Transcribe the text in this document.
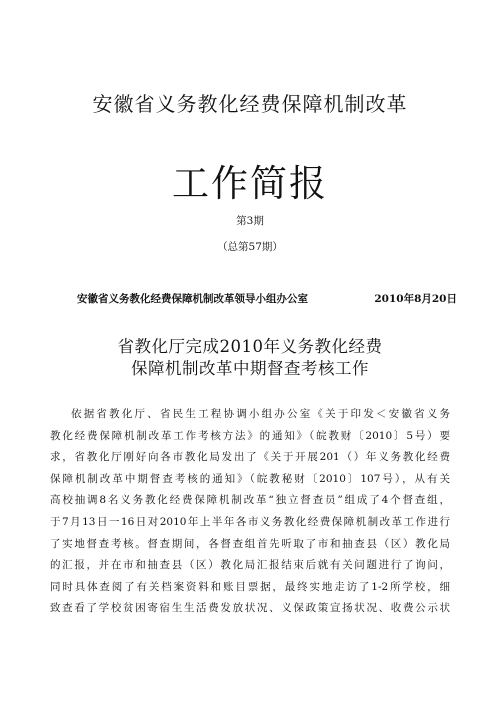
安徽省义务教化经费保障机制改革
工作简报
第3期
（总第57期）
安徽省义务教化经费保障机制改革领导小组办公室	2010年8月20日
省教化厅完成2010年义务教化经费
保障机制改革中期督查考核工作
依据省教化厅、省民生工程协调小组办公室《关于印发＜安徽省义务
教化经费保障机制改革工作考核方法》的通知》（皖教财〔2010〕5号）要
求，省教化厅刚好向各市教化局发出了《关于开展201（）年义务教化经费
保障机制改革中期督查考核的通知》（皖教秘财〔2010〕107号），从有关
高校抽调8名义务教化经费保障机制改革“独立督查员”组成了4个督查组，
于7月13日一16日对2010年上半年各市义务教化经费保障机制改革工作进行
了实地督查考核。督查期间，各督查组首先听取了市和抽查县（区）教化局
的汇报，并在市和抽查县（区）教化局汇报结束后就有关问题进行了询问，
同时具体查阅了有关档案资料和账目票据，最终实地走访了1-2所学校，细
致查看了学校贫困寄宿生生活费发放状况、义保政策宣扬状况、收费公示状
